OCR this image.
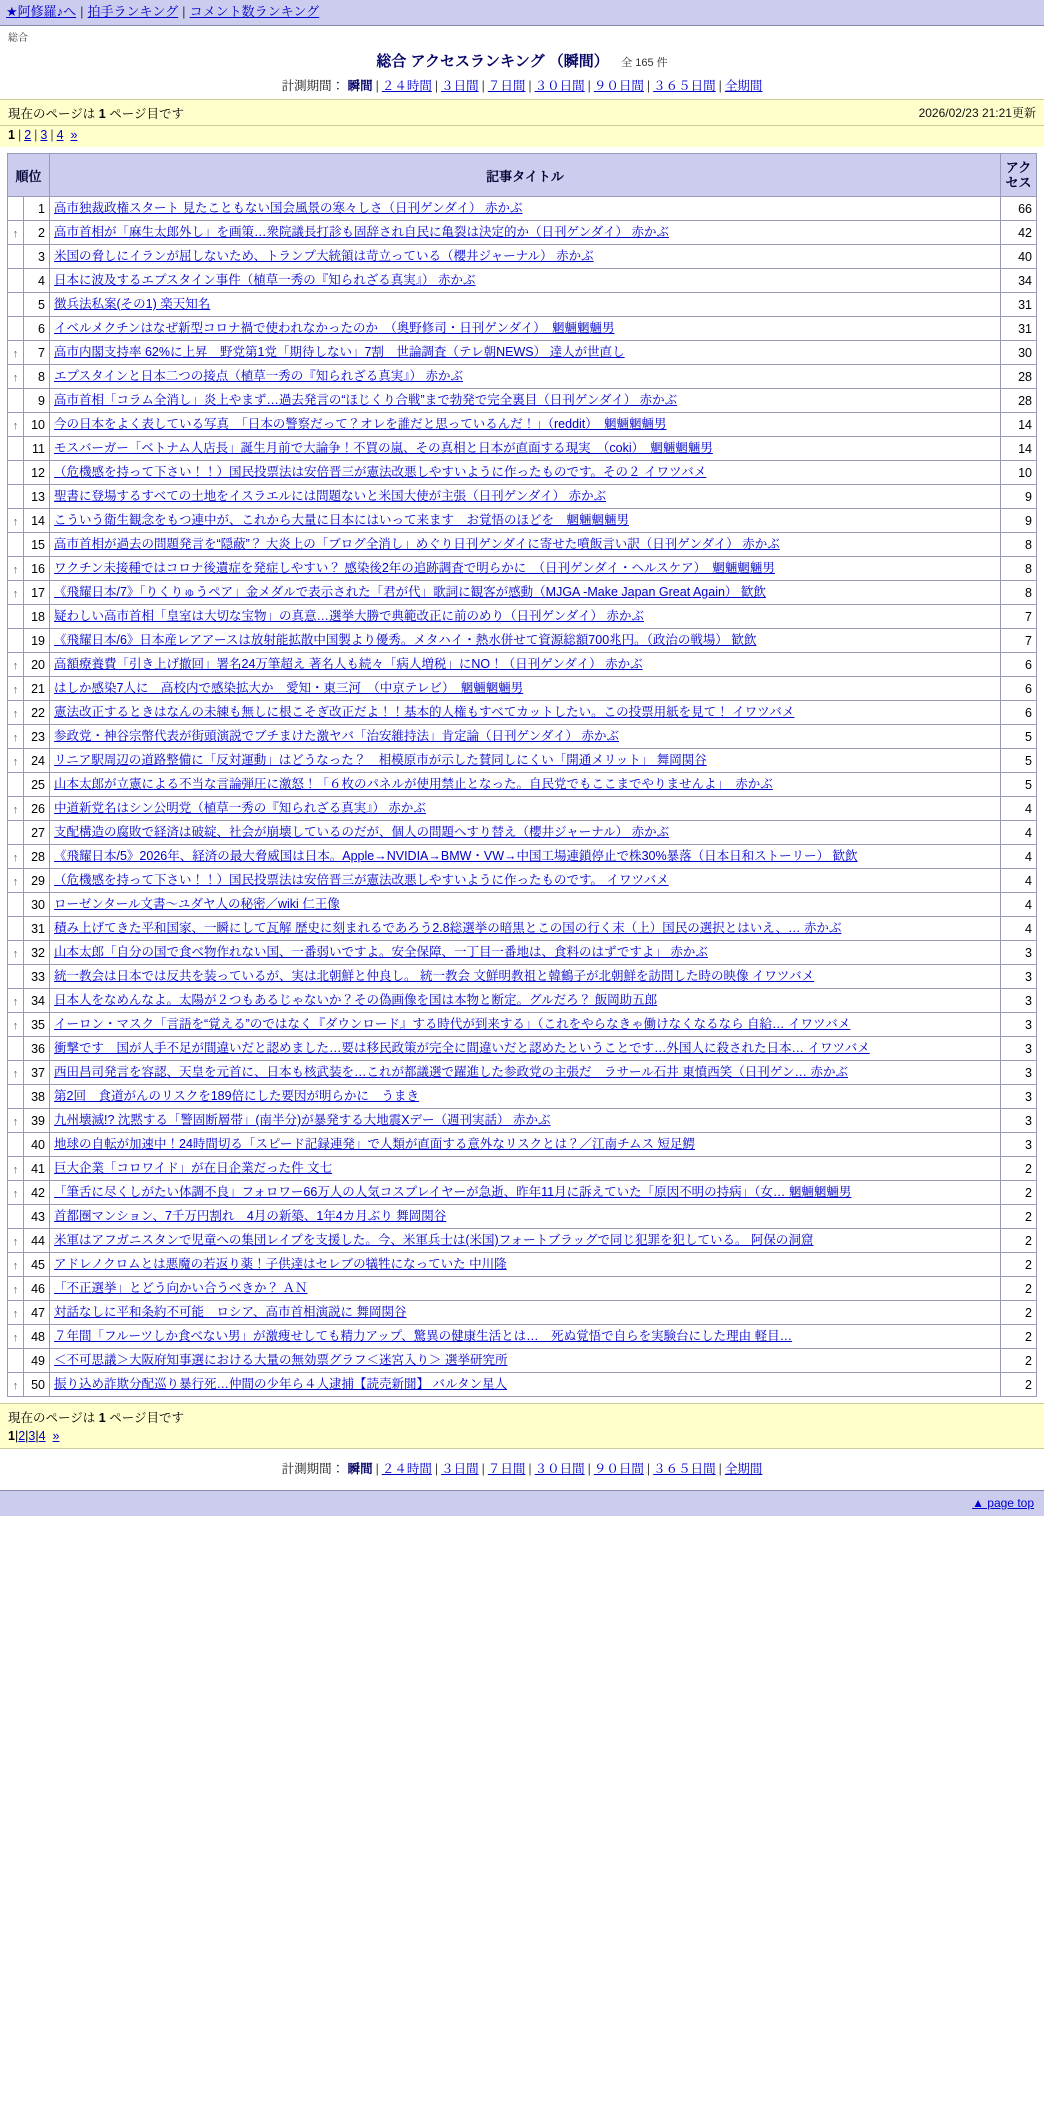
★阿修羅♪へ | 拍手ランキング | コメント数ランキング
総合
総合 アクセスランキング （瞬間） 全 165 件
計測期間： 瞬間 | ２４時間 | ３日間 | ７日間 | ３０日間 | ９０日間 | ３６５日間 | 全期間
現在のページは 1 ページ目です	2026/02/23 21:21更新
1 | 2 | 3 | 4 »
順位		記事タイトル	アクセス
	1	高市独裁政権スタート 見たこともない国会風景の寒々しさ（日刊ゲンダイ） 赤かぶ	66
↑	2	高市首相が「麻生太郎外し」を画策…衆院議長打診も固辞され自民に亀裂は決定的か（日刊ゲンダイ） 赤かぶ	42
	3	米国の脅しにイランが屈しないため、トランプ大統領は苛立っている（櫻井ジャーナル） 赤かぶ	40
	4	日本に波及するエプスタイン事件（植草一秀の『知られざる真実』） 赤かぶ	34
	5	徴兵法私案(その1) 楽天知名	31
	6	イベルメクチンはなぜ新型コロナ禍で使われなかったのか　（奥野修司・日刊ゲンダイ）　魍魎魍魎男	31
↑	7	高市内閣支持率 62%に上昇　野党第1党「期待しない」7割　世論調査（テレ朝NEWS） 達人が世直し	30
↑	8	エプスタインと日本二つの接点（植草一秀の『知られざる真実』） 赤かぶ	28
	9	高市首相「コラム全消し」炎上やまず…過去発言の“ほじくり合戦”まで勃発で完全裏目（日刊ゲンダイ） 赤かぶ	28
↑	10	今の日本をよく表している写真　「日本の警察だって？オレを誰だと思っているんだ！」（reddit）　魍魎魍魎男	14
	11	モスバーガー「ベトナム人店長」誕生月前で大論争！不買の嵐、その真相と日本が直面する現実　（coki）　魍魎魍魎男	14
	12	（危機感を持って下さい！！）国民投票法は安倍晋三が憲法改悪しやすいように作ったものです。その２ イワツバメ	10
	13	聖書に登場するすべての土地をイスラエルには問題ないと米国大使が主張（日刊ゲンダイ） 赤かぶ	9
↑	14	こういう衛生観念をもつ連中が、これから大量に日本にはいって来ます　お覚悟のほどを　魍魎魍魎男	9
	15	高市首相が過去の問題発言を“隠蔽”？ 大炎上の「ブログ全消し」めぐり日刊ゲンダイに寄せた噴飯言い訳（日刊ゲンダイ） 赤かぶ	8
↑	16	ワクチン未接種ではコロナ後遺症を発症しやすい？ 感染後2年の追跡調査で明らかに　（日刊ゲンダイ・ヘルスケア）　魍魎魍魎男	8
↑	17	《飛耀日本/7》「りくりゅうペア」金メダルで表示された「君が代」歌詞に観客が感動（MJGA -Make Japan Great Again） 歓飲	8
	18	疑わしい高市首相「皇室は大切な宝物」の真意…選挙大勝で典範改正に前のめり（日刊ゲンダイ） 赤かぶ	7
	19	《飛耀日本/6》日本産レアアースは放射能拡散中国製より優秀。メタハイ・熱水併せて資源総額700兆円。（政治の戦場） 歓飲	7
↑	20	高額療養費「引き上げ撤回」署名24万筆超え 著名人も続々「病人増税」にNO！（日刊ゲンダイ） 赤かぶ	6
↑	21	はしか感染7人に　高校内で感染拡大か　愛知・東三河　（中京テレビ）　魍魎魍魎男	6
↑	22	憲法改正するときはなんの未練も無しに根こそぎ改正だよ！！基本的人権もすべてカットしたい。この投票用紙を見て！ イワツバメ	6
↑	23	参政党・神谷宗幣代表が街頭演説でブチまけた激ヤバ「治安維持法」肯定論（日刊ゲンダイ） 赤かぶ	5
↑	24	リニア駅周辺の道路整備に「反対運動」はどうなった？　相模原市が示した賛同しにくい「開通メリット」 舞岡関谷	5
	25	山本太郎が立憲による不当な言論弾圧に激怒！「６枚のパネルが使用禁止となった。自民党でもここまでやりませんよ」　赤かぶ	5
↑	26	中道新党名はシン公明党（植草一秀の『知られざる真実』） 赤かぶ	4
	27	支配構造の腐敗で経済は破綻、社会が崩壊しているのだが、個人の問題へすり替え（櫻井ジャーナル） 赤かぶ	4
↑	28	《飛耀日本/5》2026年、経済の最大脅威国は日本。Apple→NVIDIA→BMW・VW→中国工場連鎖停止で株30%暴落（日本日和ストーリー） 歓飲	4
↑	29	（危機感を持って下さい！！）国民投票法は安倍晋三が憲法改悪しやすいように作ったものです。 イワツバメ	4
	30	ローゼンタール文書〜ユダヤ人の秘密／wiki 仁王像	4
	31	積み上げてきた平和国家、一瞬にして瓦解 歴史に刻まれるであろう2.8総選挙の暗黒とこの国の行く末（上）国民の選択とはいえ、… 赤かぶ	4
↑	32	山本太郎「自分の国で食べ物作れない国、一番弱いですよ。安全保障、一丁目一番地は、食料のはずですよ」 赤かぶ	3
	33	統一教会は日本では反共を装っているが、実は北朝鮮と仲良し。 統一教会 文鮮明教祖と韓鶴子が北朝鮮を訪問した時の映像 イワツバメ	3
↑	34	日本人をなめんなよ。太陽が２つもあるじゃないか？その偽画像を国は本物と断定。グルだろ？ 飯岡助五郎	3
↑	35	イーロン・マスク「言語を“覚える”のではなく『ダウンロード』する時代が到来する」（これをやらなきゃ働けなくなるなら 自給… イワツバメ	3
	36	衝撃です　国が人手不足が間違いだと認めました…要は移民政策が完全に間違いだと認めたということです…外国人に殺された日本… イワツバメ	3
↑	37	西田昌司発言を容認、天皇を元首に、日本も核武装を…これが都議選で躍進した参政党の主張だ　ラサール石井 東憤西笑（日刊ゲン… 赤かぶ	3
	38	第2回　食道がんのリスクを189倍にした要因が明らかに　うまき	3
↑	39	九州壊滅!? 沈黙する「警固断層帯」(南半分)が暴発する大地震Xデー（週刊実話） 赤かぶ	3
	40	地球の自転が加速中！24時間切る「スピード記録連発」で人類が直面する意外なリスクとは？／江南チムス 短足鰐	3
↑	41	巨大企業「コロワイド」が在日企業だった件 文七	2
↑	42	「筆舌に尽くしがたい体調不良」フォロワー66万人の人気コスプレイヤーが急逝、昨年11月に訴えていた「原因不明の持病」（女… 魍魎魍魎男	2
	43	首都圏マンション、7千万円割れ　4月の新築、1年4カ月ぶり 舞岡関谷	2
↑	44	米軍はアフガニスタンで児童への集団レイプを支援した。今、米軍兵士は(米国)フォートブラッグで同じ犯罪を犯している。 阿保の洞窟	2
↑	45	アドレノクロムとは悪魔の若返り薬！子供達はセレブの犠牲になっていた 中川隆	2
↑	46	「不正選挙」とどう向かい合うべきか？ ＡＮ	2
↑	47	対話なしに平和条約不可能　ロシア、高市首相演説に 舞岡関谷	2
↑	48	７年間「フルーツしか食べない男」が激痩せしても精力アップ、驚異の健康生活とは…　死ぬ覚悟で自らを実験台にした理由 軽目…	2
	49	＜不可思議＞大阪府知事選における大量の無効票グラフ＜迷宮入り＞ 選挙研究所	2
↑	50	振り込め詐欺分配巡り暴行死…仲間の少年ら４人逮捕【読売新聞】 バルタン星人	2
現在のページは 1 ページ目です
1|2|3|4 »
計測期間： 瞬間 | ２４時間 | ３日間 | ７日間 | ３０日間 | ９０日間 | ３６５日間 | 全期間
▲ page top
